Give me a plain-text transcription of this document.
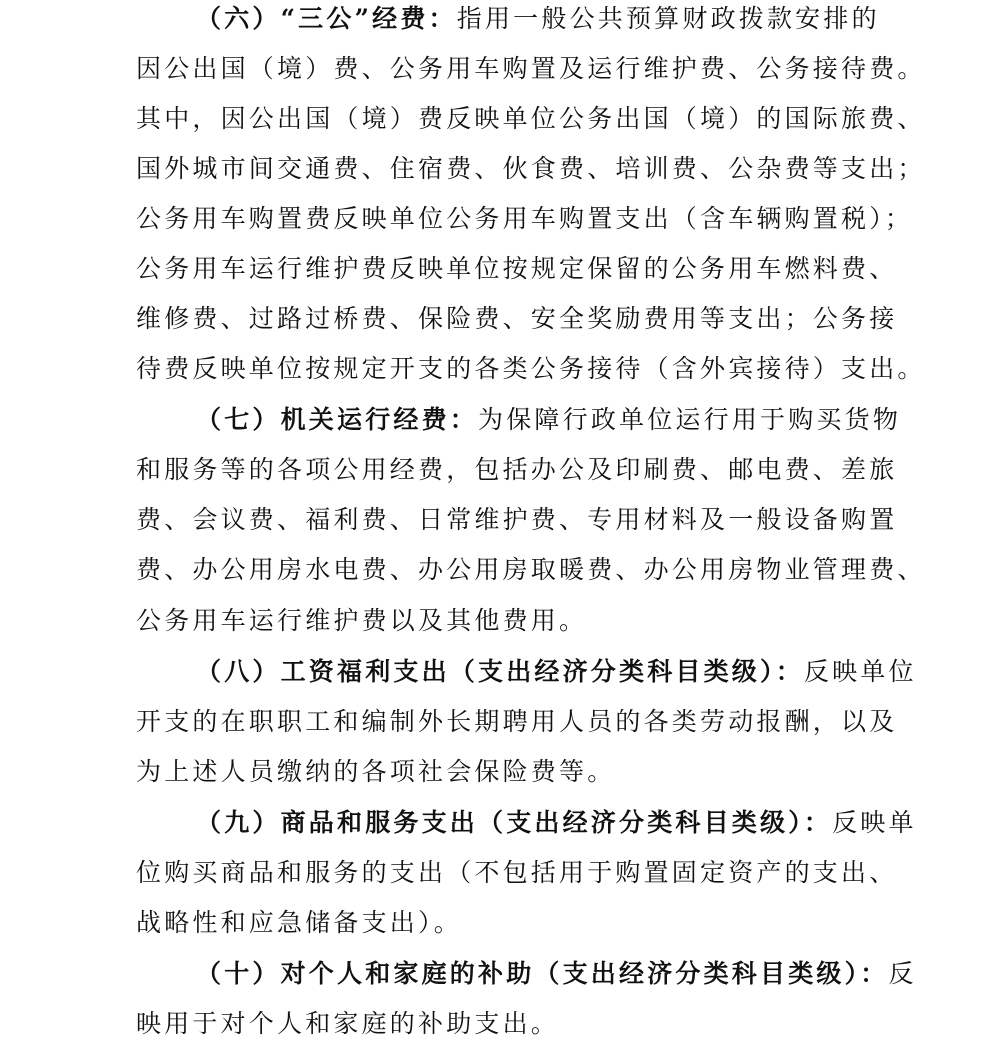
（六）“三公”经费：指用一般公共预算财政拨款安排的
因公出国（境）费、公务用车购置及运行维护费、公务接待费。
其中，因公出国（境）费反映单位公务出国（境）的国际旅费、
国外城市间交通费、住宿费、伙食费、培训费、公杂费等支出；
公务用车购置费反映单位公务用车购置支出（含车辆购置税）；
公务用车运行维护费反映单位按规定保留的公务用车燃料费、
维修费、过路过桥费、保险费、安全奖励费用等支出；公务接
待费反映单位按规定开支的各类公务接待（含外宾接待）支出。
（七）机关运行经费：为保障行政单位运行用于购买货物
和服务等的各项公用经费，包括办公及印刷费、邮电费、差旅
费、会议费、福利费、日常维护费、专用材料及一般设备购置
费、办公用房水电费、办公用房取暖费、办公用房物业管理费、
公务用车运行维护费以及其他费用。
（八）工资福利支出（支出经济分类科目类级）：反映单位
开支的在职职工和编制外长期聘用人员的各类劳动报酬，以及
为上述人员缴纳的各项社会保险费等。
（九）商品和服务支出（支出经济分类科目类级）：反映单
位购买商品和服务的支出（不包括用于购置固定资产的支出、
战略性和应急储备支出）。
（十）对个人和家庭的补助（支出经济分类科目类级）：反
映用于对个人和家庭的补助支出。
